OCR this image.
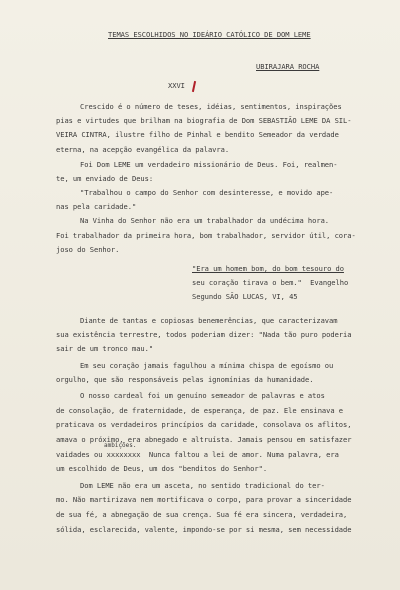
TEMAS ESCOLHIDOS NO IDEÁRIO CATÓLICO DE DOM LEME
UBIRAJARA ROCHA
XXVI
Crescido é o número de teses, idéias, sentimentos, inspirações
pias e virtudes que brilham na biografia de Dom SEBASTIÃO LEME DA SIL-
VEIRA CINTRA, ilustre filho de Pinhal e bendito Semeador da verdade
eterna, na acepção evangélica da palavra.
Foi Dom LEME um verdadeiro missionário de Deus. Foi, realmen-
te, um enviado de Deus:
"Trabalhou o campo do Senhor com desinteresse, e movido ape-
nas pela caridade."
Na Vinha do Senhor não era um trabalhador da undécima hora.
Foi trabalhador da primeira hora, bom trabalhador, servidor útil, cora-
joso do Senhor.
"Era um homem bom, do bom tesouro do
seu coração tirava o bem."  Evangelho
Segundo SÃO LUCAS, VI, 45
Diante de tantas e copiosas benemerências, que caracterizavam
sua existência terrestre, todos poderiam dizer: "Nada tão puro poderia
sair de um tronco mau."
Em seu coração jamais fagulhou a mínima chispa de egoísmo ou
orgulho, que são responsáveis pelas ignomínias da humanidade.
O nosso cardeal foi um genuíno semeador de palavras e atos
de consolação, de fraternidade, de esperança, de paz. Ele ensinava e
praticava os verdadeiros princípios da caridade, consolava os aflitos,
amava o próximo, era abnegado e altruísta. Jamais pensou em satisfazer
ambições.
vaidades ou xxxxxxxx  Nunca faltou a lei de amor. Numa palavra, era
um escolhido de Deus, um dos "benditos do Senhor".
Dom LEME não era um asceta, no sentido tradicional do ter-
mo. Não martirizava nem mortificava o corpo, para provar a sinceridade
de sua fé, a abnegação de sua crença. Sua fé era sincera, verdadeira,
sólida, esclarecida, valente, impondo-se por si mesma, sem necessidade
